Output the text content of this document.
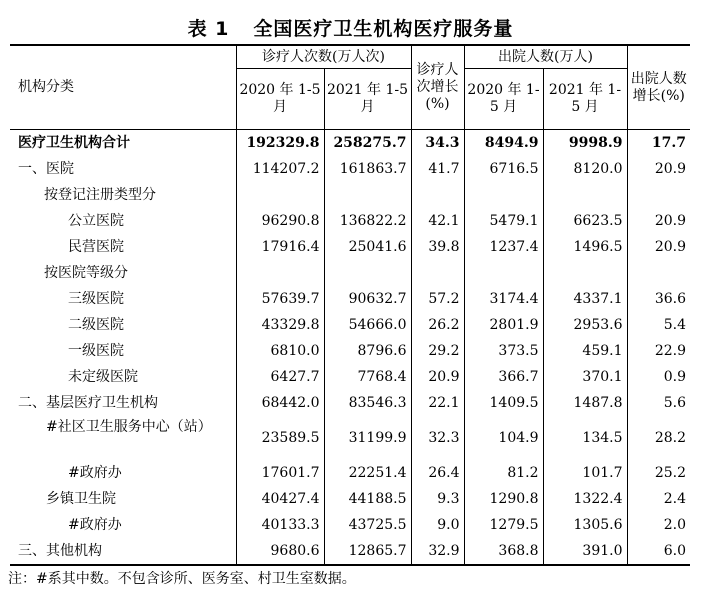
表 1 全国医疗卫生机构医疗服务量
机构分类	诊疗人次数(万人次)		诊疗人次增长(%)	出院人数(万人)		出院人数增长(%)
	2020 年 1-5 月	2021 年 1-5 月		2020 年 1-5 月	2021 年 1-5 月	
医疗卫生机构合计	192329.8	258275.7	34.3	8494.9	9998.9	17.7
一、医院	114207.2	161863.7	41.7	6716.5	8120.0	20.9
按登记注册类型分						
公立医院	96290.8	136822.2	42.1	5479.1	6623.5	20.9
民营医院	17916.4	25041.6	39.8	1237.4	1496.5	20.9
按医院等级分						
三级医院	57639.7	90632.7	57.2	3174.4	4337.1	36.6
二级医院	43329.8	54666.0	26.2	2801.9	2953.6	5.4
一级医院	6810.0	8796.6	29.2	373.5	459.1	22.9
未定级医院	6427.7	7768.4	20.9	366.7	370.1	0.9
二、基层医疗卫生机构	68442.0	83546.3	22.1	1409.5	1487.8	5.6
#社区卫生服务中心（站）	23589.5	31199.9	32.3	104.9	134.5	28.2
#政府办	17601.7	22251.4	26.4	81.2	101.7	25.2
乡镇卫生院	40427.4	44188.5	9.3	1290.8	1322.4	2.4
#政府办	40133.3	43725.5	9.0	1279.5	1305.6	2.0
三、其他机构	9680.6	12865.7	32.9	368.8	391.0	6.0
注：#系其中数。不包含诊所、医务室、村卫生室数据。
